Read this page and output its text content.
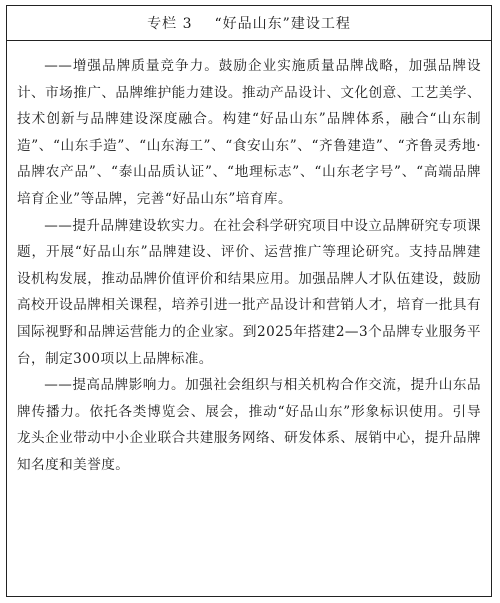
专栏 3 “好品山东”建设工程

——增强品牌质量竞争力。鼓励企业实施质量品牌战略，加强品牌设计、市场推广、品牌维护能力建设。推动产品设计、文化创意、工艺美学、技术创新与品牌建设深度融合。构建“好品山东”品牌体系，融合“山东制造”、“山东手造”、“山东海工”、“食安山东”、“齐鲁建造”、“齐鲁灵秀地·品牌农产品”、“泰山品质认证”、“地理标志”、“山东老字号”、“高端品牌培育企业”等品牌，完善“好品山东”培育库。

——提升品牌建设软实力。在社会科学研究项目中设立品牌研究专项课题，开展“好品山东”品牌建设、评价、运营推广等理论研究。支持品牌建设机构发展，推动品牌价值评价和结果应用。加强品牌人才队伍建设，鼓励高校开设品牌相关课程，培养引进一批产品设计和营销人才，培育一批具有国际视野和品牌运营能力的企业家。到2025年搭建2—3个品牌专业服务平台，制定300项以上品牌标准。

——提高品牌影响力。加强社会组织与相关机构合作交流，提升山东品牌传播力。依托各类博览会、展会，推动“好品山东”形象标识使用。引导龙头企业带动中小企业联合共建服务网络、研发体系、展销中心，提升品牌知名度和美誉度。
